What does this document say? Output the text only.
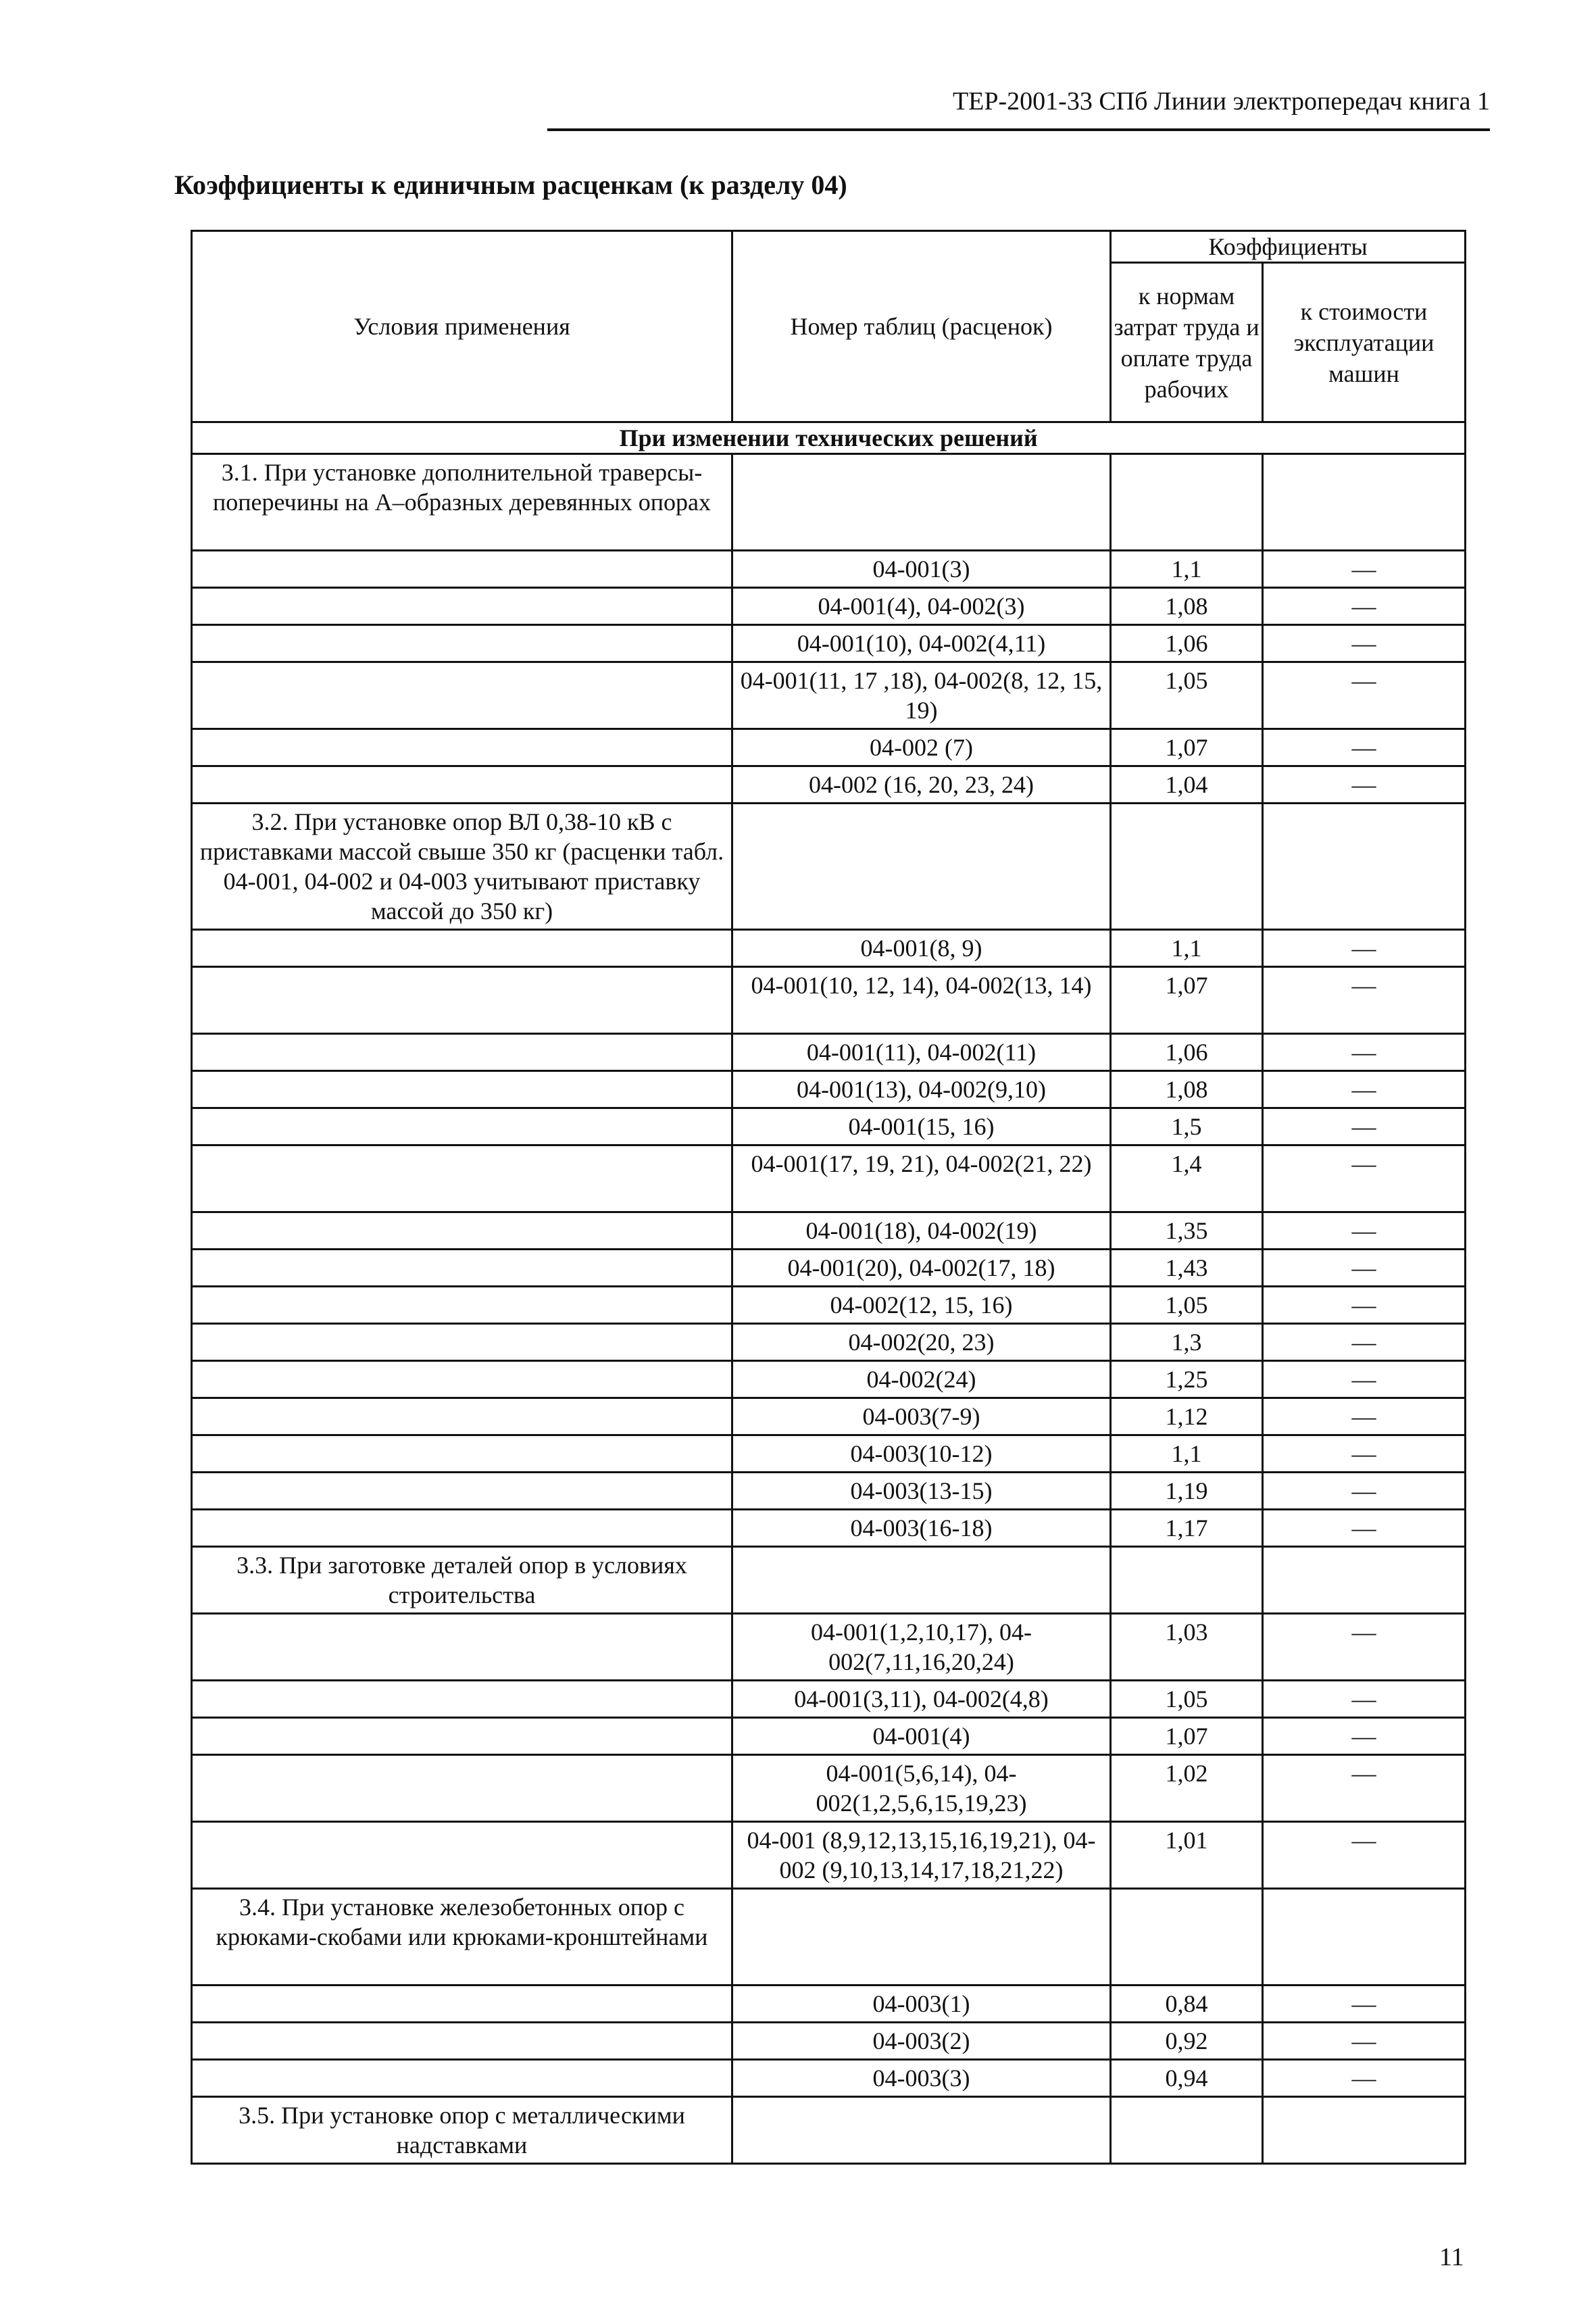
ТЕР-2001-33 СПб Линии электропередач книга 1
Коэффициенты к единичным расценкам (к разделу 04)
Условия применения	Номер таблиц (расценок)	Коэффициенты	
		к нормам затрат труда и оплате труда рабочих	к стоимости эксплуатации машин
При изменении технических решений			
3.1. При установке дополнительной траверсы-поперечины на А–образных деревянных опорах			
	04-001(3)	1,1	—
	04-001(4), 04-002(3)	1,08	—
	04-001(10), 04-002(4,11)	1,06	—
	04-001(11, 17 ,18), 04-002(8, 12, 15, 19)	1,05	—
	04-002 (7)	1,07	—
	04-002 (16, 20, 23, 24)	1,04	—
3.2. При установке опор ВЛ 0,38-10 кВ с приставками массой свыше 350 кг (расценки табл. 04-001, 04-002 и 04-003 учитывают приставку массой до 350 кг)			
	04-001(8, 9)	1,1	—
	04-001(10, 12, 14), 04-002(13, 14)	1,07	—
	04-001(11), 04-002(11)	1,06	—
	04-001(13), 04-002(9,10)	1,08	—
	04-001(15, 16)	1,5	—
	04-001(17, 19, 21), 04-002(21, 22)	1,4	—
	04-001(18), 04-002(19)	1,35	—
	04-001(20), 04-002(17, 18)	1,43	—
	04-002(12, 15, 16)	1,05	—
	04-002(20, 23)	1,3	—
	04-002(24)	1,25	—
	04-003(7-9)	1,12	—
	04-003(10-12)	1,1	—
	04-003(13-15)	1,19	—
	04-003(16-18)	1,17	—
3.3. При заготовке деталей опор в условиях строительства			
	04-001(1,2,10,17), 04-002(7,11,16,20,24)	1,03	—
	04-001(3,11), 04-002(4,8)	1,05	—
	04-001(4)	1,07	—
	04-001(5,6,14), 04-002(1,2,5,6,15,19,23)	1,02	—
	04-001 (8,9,12,13,15,16,19,21), 04-002 (9,10,13,14,17,18,21,22)	1,01	—
3.4. При установке железобетонных опор с крюками-скобами или крюками-кронштейнами			
	04-003(1)	0,84	—
	04-003(2)	0,92	—
	04-003(3)	0,94	—
3.5. При установке опор с металлическими надставками			
11
